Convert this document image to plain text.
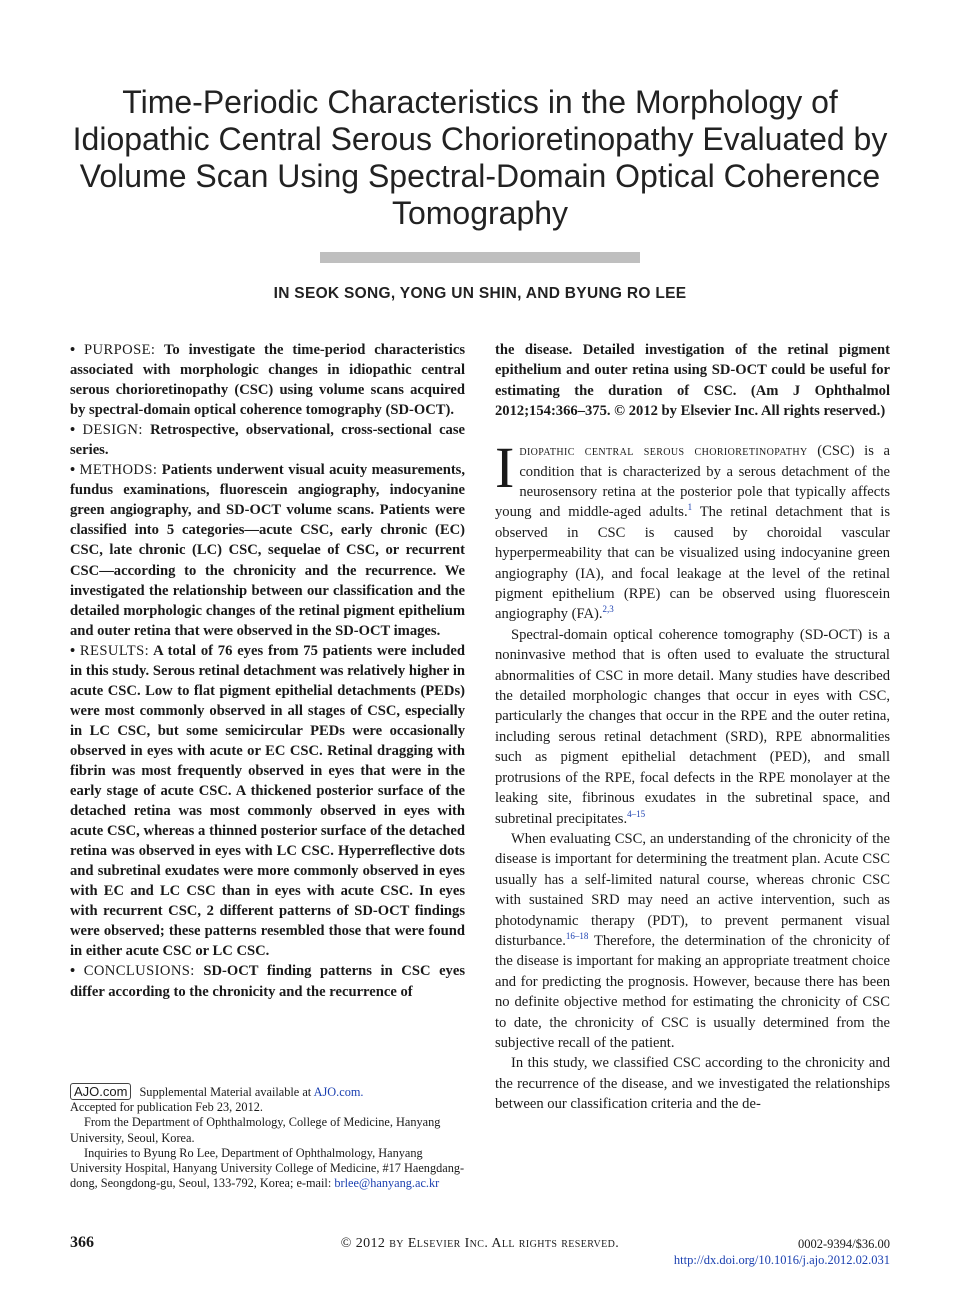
Time-Periodic Characteristics in the Morphology of Idiopathic Central Serous Chorioretinopathy Evaluated by Volume Scan Using Spectral-Domain Optical Coherence Tomography
IN SEOK SONG, YONG UN SHIN, AND BYUNG RO LEE

• PURPOSE: To investigate the time-period characteristics associated with morphologic changes in idiopathic central serous chorioretinopathy (CSC) using volume scans acquired by spectral-domain optical coherence tomography (SD-OCT).

• DESIGN: Retrospective, observational, cross-sectional case series.

• METHODS: Patients underwent visual acuity measurements, fundus examinations, fluorescein angiography, indocyanine green angiography, and SD-OCT volume scans. Patients were classified into 5 categories—acute CSC, early chronic (EC) CSC, late chronic (LC) CSC, sequelae of CSC, or recurrent CSC—according to the chronicity and the recurrence. We investigated the relationship between our classification and the detailed morphologic changes of the retinal pigment epithelium and outer retina that were observed in the SD-OCT images.

• RESULTS: A total of 76 eyes from 75 patients were included in this study. Serous retinal detachment was relatively higher in acute CSC. Low to flat pigment epithelial detachments (PEDs) were most commonly observed in all stages of CSC, especially in LC CSC, but some semicircular PEDs were occasionally observed in eyes with acute or EC CSC. Retinal dragging with fibrin was most frequently observed in eyes that were in the early stage of acute CSC. A thickened posterior surface of the detached retina was most commonly observed in eyes with acute CSC, whereas a thinned posterior surface of the detached retina was observed in eyes with LC CSC. Hyperreflective dots and subretinal exudates were more commonly observed in eyes with EC and LC CSC than in eyes with acute CSC. In eyes with recurrent CSC, 2 different patterns of SD-OCT findings were observed; these patterns resembled those that were found in either acute CSC or LC CSC.

• CONCLUSIONS: SD-OCT finding patterns in CSC eyes differ according to the chronicity and the recurrence of

AJO.com Supplemental Material available at AJO.com.

Accepted for publication Feb 23, 2012.

From the Department of Ophthalmology, College of Medicine, Hanyang University, Seoul, Korea.

Inquiries to Byung Ro Lee, Department of Ophthalmology, Hanyang University Hospital, Hanyang University College of Medicine, #17 Haengdang-dong, Seongdong-gu, Seoul, 133-792, Korea; e-mail: brlee@hanyang.ac.kr

the disease. Detailed investigation of the retinal pigment epithelium and outer retina using SD-OCT could be useful for estimating the duration of CSC. (Am J Ophthalmol 2012;154:366–375. © 2012 by Elsevier Inc. All rights reserved.)

Idiopathic central serous chorioretinopathy (CSC) is a condition that is characterized by a serous detachment of the neurosensory retina at the posterior pole that typically affects young and middle-aged adults.$^1$ The retinal detachment that is observed in CSC is caused by choroidal vascular hyperpermeability that can be visualized using indocyanine green angiography (IA), and focal leakage at the level of the retinal pigment epithelium (RPE) can be observed using fluorescein angiography (FA).$^{2,3}$

Spectral-domain optical coherence tomography (SD-OCT) is a noninvasive method that is often used to evaluate the structural abnormalities of CSC in more detail. Many studies have described the detailed morphologic changes that occur in eyes with CSC, particularly the changes that occur in the RPE and the outer retina, including serous retinal detachment (SRD), RPE abnormalities such as pigment epithelial detachment (PED), and small protrusions of the RPE, focal defects in the RPE monolayer at the leaking site, fibrinous exudates in the subretinal space, and subretinal precipitates.$^{4-15}$

When evaluating CSC, an understanding of the chronicity of the disease is important for determining the treatment plan. Acute CSC usually has a self-limited natural course, whereas chronic CSC with sustained SRD may need an active intervention, such as photodynamic therapy (PDT), to prevent permanent visual disturbance.$^{16-18}$ Therefore, the determination of the chronicity of the disease is important for making an appropriate treatment choice and for predicting the prognosis. However, because there has been no definite objective method for estimating the chronicity of CSC to date, the chronicity of CSC is usually determined from the subjective recall of the patient.

In this study, we classified CSC according to the chronicity and the recurrence of the disease, and we investigated the relationships between our classification criteria and the de-

366	© 2012 by Elsevier Inc. All rights reserved.	0002-9394/$36.00
http://dx.doi.org/10.1016/j.ajo.2012.02.031
